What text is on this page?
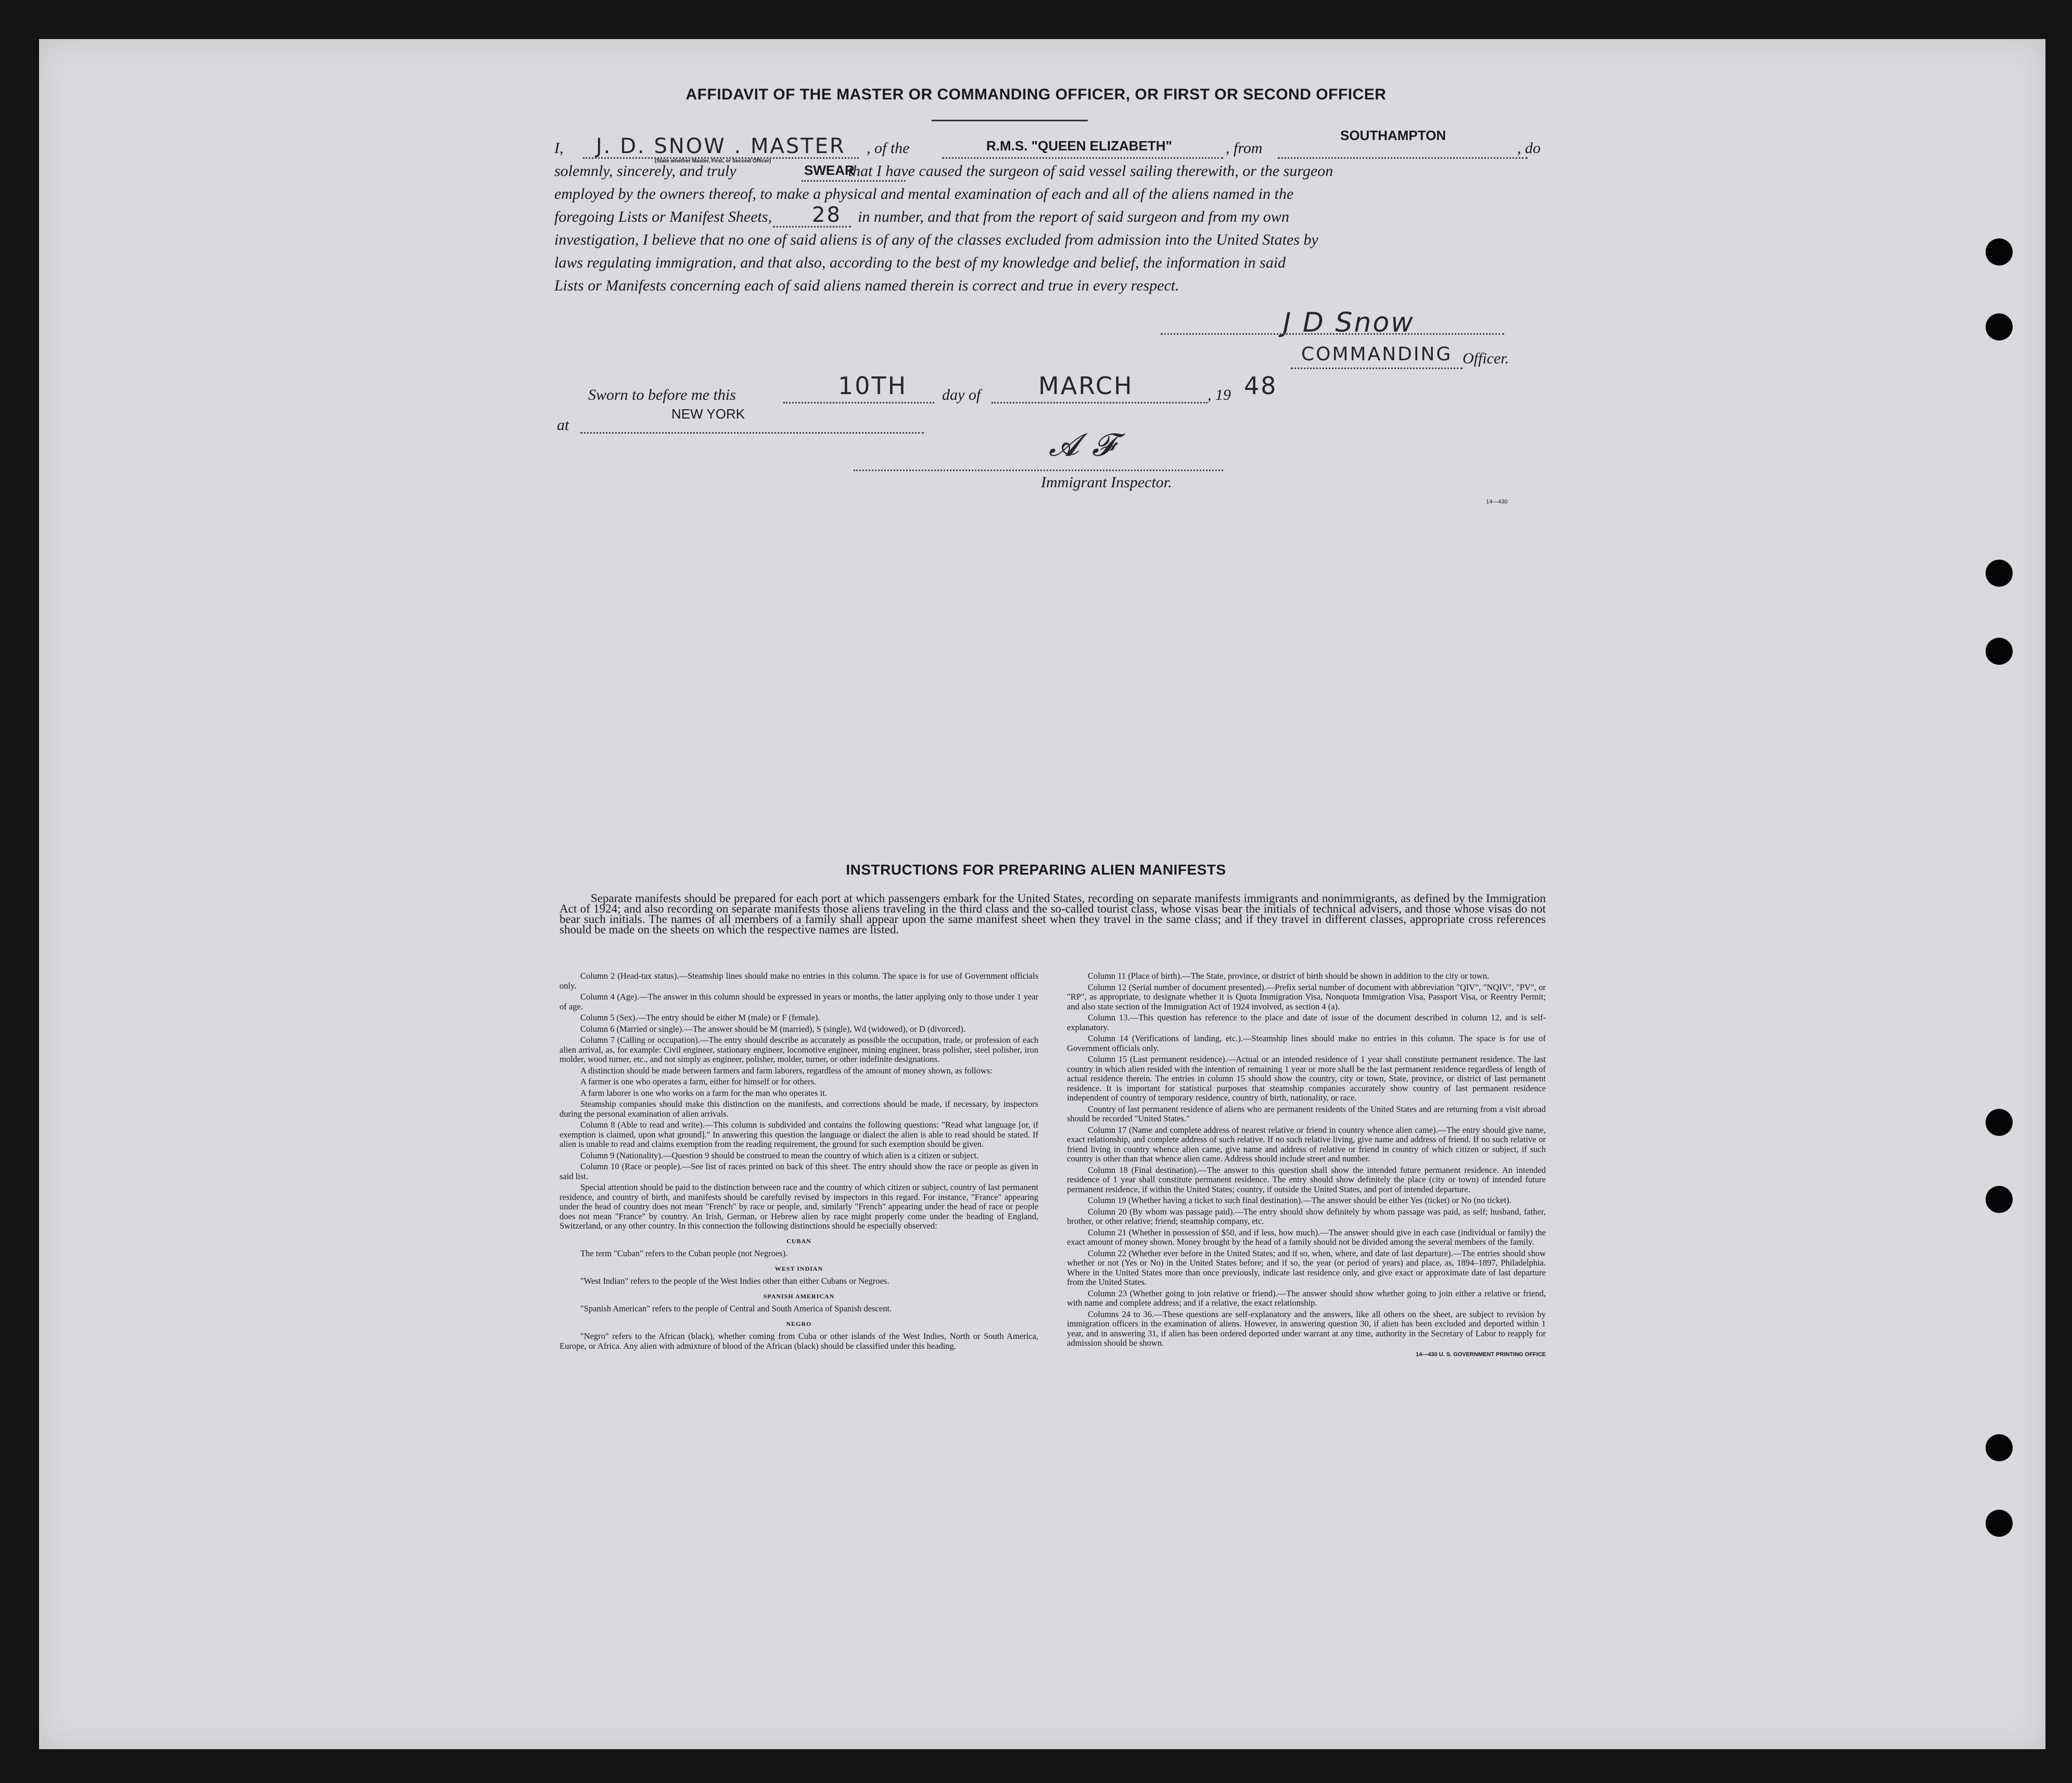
AFFIDAVIT OF THE MASTER OR COMMANDING OFFICER, OR FIRST OR SECOND OFFICER
I,	J. D. SNOW . MASTER
(State whether Master, First, or Second Officer)
, of the	R.M.S. "QUEEN ELIZABETH"	, from
SOUTHAMPTON
, do
solemnly, sincerely, and truly	that I have caused the surgeon of said vessel sailing therewith, or the surgeon
SWEAR
employed by the owners thereof, to make a physical and mental examination of each and all of the aliens named in the
foregoing Lists or Manifest Sheets,	in number, and that from the report of said surgeon and from my own
28
investigation, I believe that no one of said aliens is of any of the classes excluded from admission into the United States by
laws regulating immigration, and that also, according to the best of my knowledge and belief, the information in said
Lists or Manifests concerning each of said aliens named therein is correct and true in every respect.
J D Snow
COMMANDING Officer.
Sworn to before me this	10TH day of MARCH	, 19 48
at
NEW YORK
𝓐 𝓕
Immigrant Inspector.
14—430
INSTRUCTIONS FOR PREPARING ALIEN MANIFESTS
Separate manifests should be prepared for each port at which passengers embark for the United States, recording on separate manifests immigrants and nonimmigrants, as defined by the Immigration Act of 1924; and also recording on separate manifests those aliens traveling in the third class and the so-called tourist class, whose visas bear the initials of technical advisers, and those whose visas do not bear such initials. The names of all members of a family shall appear upon the same manifest sheet when they travel in the same class; and if they travel in different classes, appropriate cross references should be made on the sheets on which the respective names are listed.

Column 2 (Head-tax status).—Steamship lines should make no entries in this column. The space is for use of Government officials only.

Column 4 (Age).—The answer in this column should be expressed in years or months, the latter applying only to those under 1 year of age.

Column 5 (Sex).—The entry should be either M (male) or F (female).

Column 6 (Married or single).—The answer should be M (married), S (single), Wd (widowed), or D (divorced).

Column 7 (Calling or occupation).—The entry should describe as accurately as possible the occupation, trade, or profession of each alien arrival, as, for example: Civil engineer, stationary engineer, locomotive engineer, mining engineer, brass polisher, steel polisher, iron molder, wood turner, etc., and not simply as engineer, polisher, molder, turner, or other indefinite designations.

A distinction should be made between farmers and farm laborers, regardless of the amount of money shown, as follows:

A farmer is one who operates a farm, either for himself or for others.

A farm laborer is one who works on a farm for the man who operates it.

Steamship companies should make this distinction on the manifests, and corrections should be made, if necessary, by inspectors during the personal examination of alien arrivals.

Column 8 (Able to read and write).—This column is subdivided and contains the following questions: "Read what language [or, if exemption is claimed, upon what ground]." In answering this question the language or dialect the alien is able to read should be stated. If alien is unable to read and claims exemption from the reading requirement, the ground for such exemption should be given.

Column 9 (Nationality).—Question 9 should be construed to mean the country of which alien is a citizen or subject.

Column 10 (Race or people).—See list of races printed on back of this sheet. The entry should show the race or people as given in said list.

Special attention should be paid to the distinction between race and the country of which citizen or subject, country of last permanent residence, and country of birth, and manifests should be carefully revised by inspectors in this regard. For instance, "France" appearing under the head of country does not mean "French" by race or people, and, similarly "French" appearing under the head of race or people does not mean "France" by country. An Irish, German, or Hebrew alien by race might properly come under the heading of England, Switzerland, or any other country. In this connection the following distinctions should be especially observed:

CUBAN

The term "Cuban" refers to the Cuban people (not Negroes).

WEST INDIAN

"West Indian" refers to the people of the West Indies other than either Cubans or Negroes.

SPANISH AMERICAN

"Spanish American" refers to the people of Central and South America of Spanish descent.

NEGRO

"Negro" refers to the African (black), whether coming from Cuba or other islands of the West Indies, North or South America, Europe, or Africa. Any alien with admixture of blood of the African (black) should be classified under this heading.

Column 11 (Place of birth).—The State, province, or district of birth should be shown in addition to the city or town.

Column 12 (Serial number of document presented).—Prefix serial number of document with abbreviation "QIV", "NQIV", "PV", or "RP", as appropriate, to designate whether it is Quota Immigration Visa, Nonquota Immigration Visa, Passport Visa, or Reentry Permit; and also state section of the Immigration Act of 1924 involved, as section 4 (a).

Column 13.—This question has reference to the place and date of issue of the document described in column 12, and is self-explanatory.

Column 14 (Verifications of landing, etc.).—Steamship lines should make no entries in this column. The space is for use of Government officials only.

Column 15 (Last permanent residence).—Actual or an intended residence of 1 year shall constitute permanent residence. The last country in which alien resided with the intention of remaining 1 year or more shall be the last permanent residence regardless of length of actual residence therein. The entries in column 15 should show the country, city or town, State, province, or district of last permanent residence. It is important for statistical purposes that steamship companies accurately show country of last permanent residence independent of country of temporary residence, country of birth, nationality, or race.

Country of last permanent residence of aliens who are permanent residents of the United States and are returning from a visit abroad should be recorded "United States."

Column 17 (Name and complete address of nearest relative or friend in country whence alien came).—The entry should give name, exact relationship, and complete address of such relative. If no such relative living, give name and address of friend. If no such relative or friend living in country whence alien came, give name and address of relative or friend in country of which citizen or subject, if such country is other than that whence alien came. Address should include street and number.

Column 18 (Final destination).—The answer to this question shall show the intended future permanent residence. An intended residence of 1 year shall constitute permanent residence. The entry should show definitely the place (city or town) of intended future permanent residence, if within the United States; country, if outside the United States, and port of intended departure.

Column 19 (Whether having a ticket to such final destination).—The answer should be either Yes (ticket) or No (no ticket).

Column 20 (By whom was passage paid).—The entry should show definitely by whom passage was paid, as self; husband, father, brother, or other relative; friend; steamship company, etc.

Column 21 (Whether in possession of $50, and if less, how much).—The answer should give in each case (individual or family) the exact amount of money shown. Money brought by the head of a family should not be divided among the several members of the family.

Column 22 (Whether ever before in the United States; and if so, when, where, and date of last departure).—The entries should show whether or not (Yes or No) in the United States before; and if so, the year (or period of years) and place, as, 1894–1897, Philadelphia. Where in the United States more than once previously, indicate last residence only, and give exact or approximate date of last departure from the United States.

Column 23 (Whether going to join relative or friend).—The answer should show whether going to join either a relative or friend, with name and complete address; and if a relative, the exact relationship.

Columns 24 to 36.—These questions are self-explanatory and the answers, like all others on the sheet, are subject to revision by immigration officers in the examination of aliens. However, in answering question 30, if alien has been excluded and deported within 1 year, and in answering 31, if alien has been ordered deported under warrant at any time, authority in the Secretary of Labor to reapply for admission should be shown.

14—430 U. S. GOVERNMENT PRINTING OFFICE
